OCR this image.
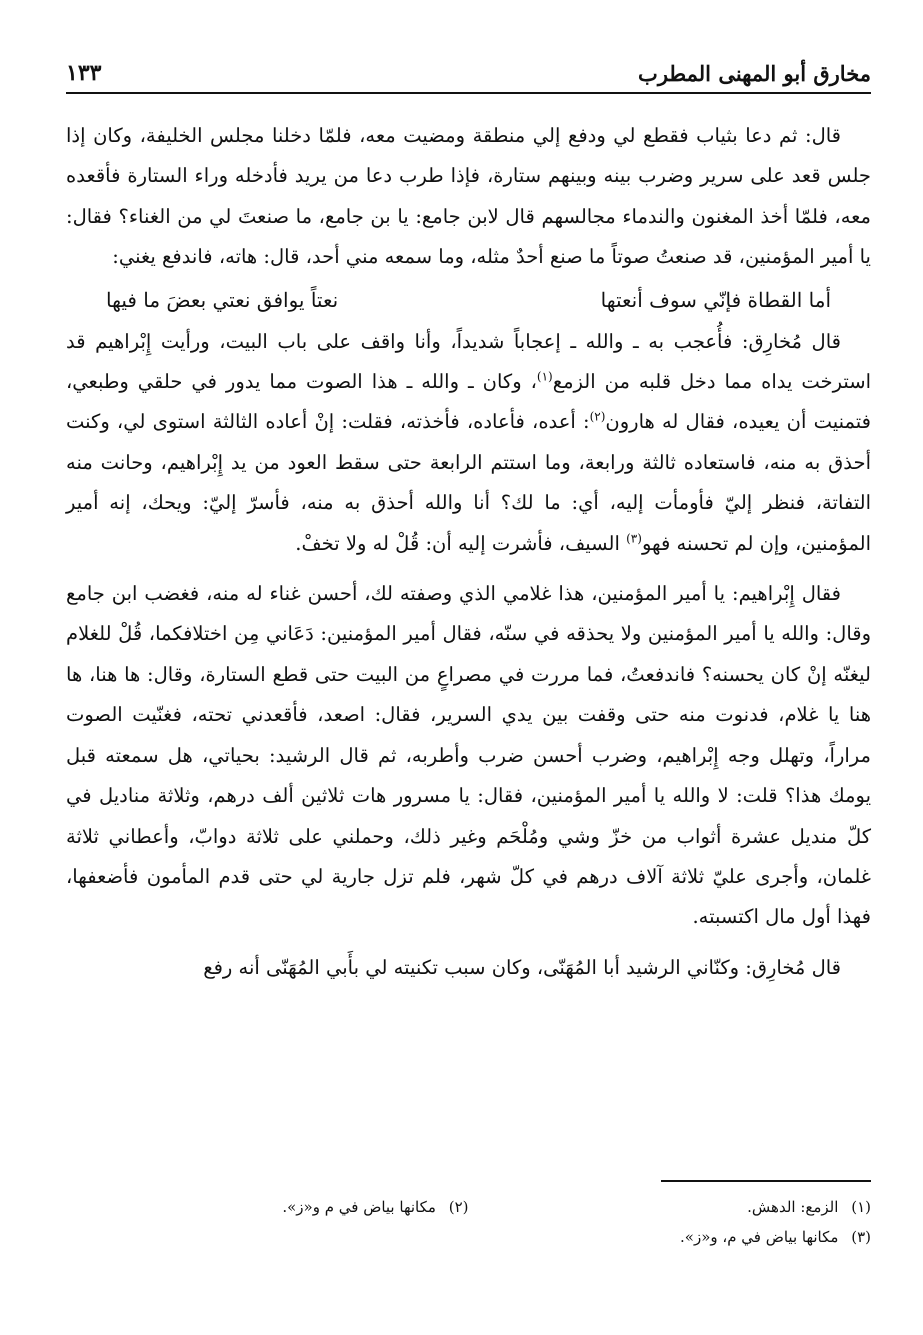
مخارق أبو المهنى المطرب
١٣٣

قال: ثم دعا بثياب فقطع لي ودفع إلي منطقة ومضيت معه، فلمّا دخلنا مجلس الخليفة، وكان إذا جلس قعد على سرير وضرب بينه وبينهم ستارة، فإذا طرب دعا من يريد فأدخله وراء الستارة فأقعده معه، فلمّا أخذ المغنون والندماء مجالسهم قال لابن جامع: يا بن جامع، ما صنعتَ لي من الغناء؟ فقال: يا أمير المؤمنين، قد صنعتُ صوتاً ما صنع أحدٌ مثله، وما سمعه مني أحد، قال: هاته، فاندفع يغني:

أما القطاة فإنّي سوف أنعتها
نعتاً يوافق نعتي بعضَ ما فيها

قال مُخارِق: فأُعجب به ـ والله ـ إعجاباً شديداً، وأنا واقف على باب البيت، ورأيت إِبْراهيم قد استرخت يداه مما دخل قلبه من الزمع$^{(١)}$، وكان ـ والله ـ هذا الصوت مما يدور في حلقي وطبعي، فتمنيت أن يعيده، فقال له هارون$^{(٢)}$: أعده، فأعاده، فأخذته، فقلت: إنْ أعاده الثالثة استوى لي، وكنت أحذق به منه، فاستعاده ثالثة ورابعة، وما استتم الرابعة حتى سقط العود من يد إِبْراهيم، وحانت منه التفاتة، فنظر إليّ فأومأت إليه، أي: ما لك؟ أنا والله أحذق به منه، فأسرّ إليّ: ويحك، إنه أمير المؤمنين، وإن لم تحسنه فهو$^{(٣)}$ السيف، فأشرت إليه أن: قُلْ له ولا تخفْ.

فقال إِبْراهيم: يا أمير المؤمنين، هذا غلامي الذي وصفته لك، أحسن غناء له منه، فغضب ابن جامع وقال: والله يا أمير المؤمنين ولا يحذقه في سنّه، فقال أمير المؤمنين: دَعَاني مِن اختلافكما، قُلْ للغلام ليغنّه إنْ كان يحسنه؟ فاندفعتُ، فما مررت في مصراعٍ من البيت حتى قطع الستارة، وقال: ها هنا، ها هنا يا غلام، فدنوت منه حتى وقفت بين يدي السرير، فقال: اصعد، فأقعدني تحته، فغنّيت الصوت مراراً، وتهلل وجه إِبْراهيم، وضرب أحسن ضرب وأطربه، ثم قال الرشيد: بحياتي، هل سمعته قبل يومك هذا؟ قلت: لا والله يا أمير المؤمنين، فقال: يا مسرور هات ثلاثين ألف درهم، وثلاثة مناديل في كلّ منديل عشرة أثواب من خزّ وشي ومُلْحَم وغير ذلك، وحملني على ثلاثة دوابّ، وأعطاني ثلاثة غلمان، وأجرى عليّ ثلاثة آلاف درهم في كلّ شهر، فلم تزل جارية لي حتى قدم المأمون فأضعفها، فهذا أول مال اكتسبته.

قال مُخارِق: وكنّاني الرشيد أبا المُهَنّى، وكان سبب تكنيته لي بأَبي المُهَنّى أنه رفع

(١) الزمع: الدهش.
(٢) مكانها بياض في م و«ز».
(٣) مكانها بياض في م، و«ز».
